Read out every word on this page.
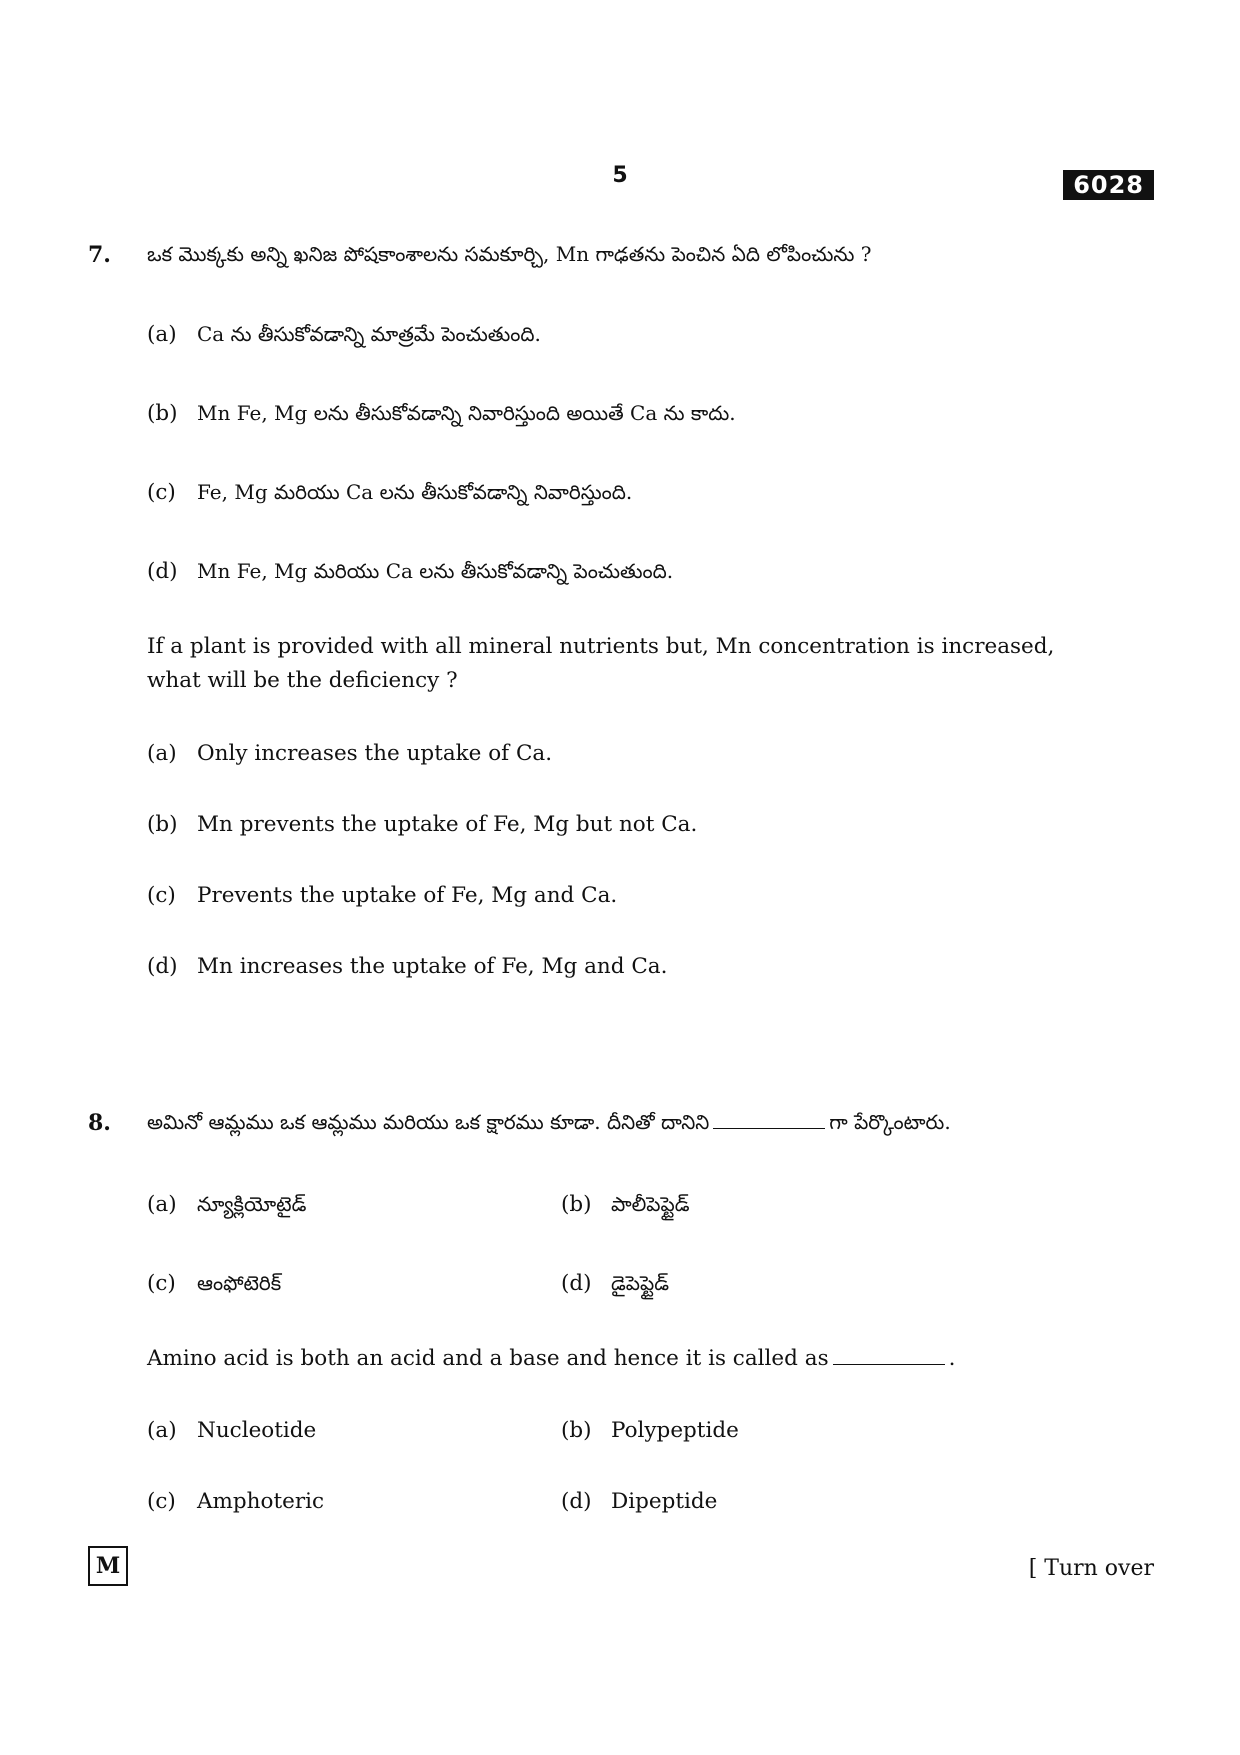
5	6028
7. ఒక మొక్కకు అన్ని ఖనిజ పోషకాంశాలను సమకూర్చి, Mn గాఢతను పెంచిన ఏది లోపించును ?
(a)	Ca ను తీసుకోవడాన్ని మాత్రమే పెంచుతుంది.
(b) Mn Fe, Mg లను తీసుకోవడాన్ని నివారిస్తుంది అయితే Ca ను కాదు.
(c)	Fe, Mg మరియు Ca లను తీసుకోవడాన్ని నివారిస్తుంది.
(d) Mn Fe, Mg మరియు Ca లను తీసుకోవడాన్ని పెంచుతుంది.
If a plant is provided with all mineral nutrients but, Mn concentration is increased,
what will be the deficiency ?
(a) Only increases the uptake of Ca.
(b) Mn prevents the uptake of Fe, Mg but not Ca.
(c) Prevents the uptake of Fe, Mg and Ca.
(d) Mn increases the uptake of Fe, Mg and Ca.
8. అమినో ఆమ్లము ఒక ఆమ్లము మరియు ఒక క్షారము కూడా. దీనితో దానిని	గా పేర్కొంటారు.
(a)	న్యూక్లియోటైడ్	(b) పాలీపెప్టైడ్
(c)	ఆంఫోటెరిక్	(d) డైపెప్టైడ్
Amino acid is both an acid and a base and hence it is called as	.
(a) Nucleotide	(b) Polypeptide
(c) Amphoteric	(d) Dipeptide
M	[ Turn over
